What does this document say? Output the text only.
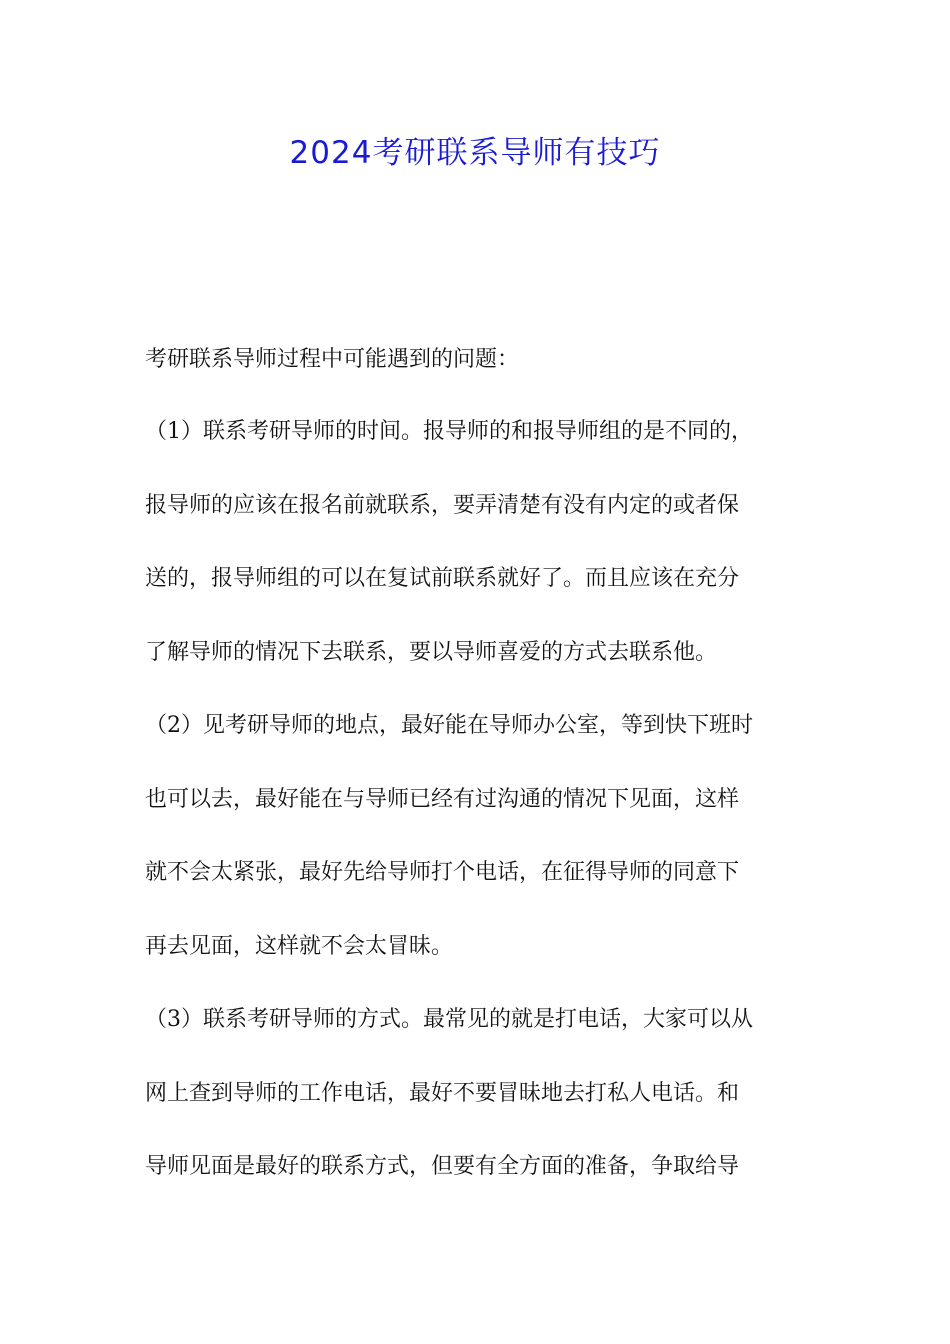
2024考研联系导师有技巧
考研联系导师过程中可能遇到的问题：
（1）联系考研导师的时间。报导师的和报导师组的是不同的，
报导师的应该在报名前就联系，要弄清楚有没有内定的或者保
送的，报导师组的可以在复试前联系就好了。而且应该在充分
了解导师的情况下去联系，要以导师喜爱的方式去联系他。
（2）见考研导师的地点，最好能在导师办公室，等到快下班时
也可以去，最好能在与导师已经有过沟通的情况下见面，这样
就不会太紧张，最好先给导师打个电话，在征得导师的同意下
再去见面，这样就不会太冒昧。
（3）联系考研导师的方式。最常见的就是打电话，大家可以从
网上查到导师的工作电话，最好不要冒昧地去打私人电话。和
导师见面是最好的联系方式，但要有全方面的准备，争取给导
